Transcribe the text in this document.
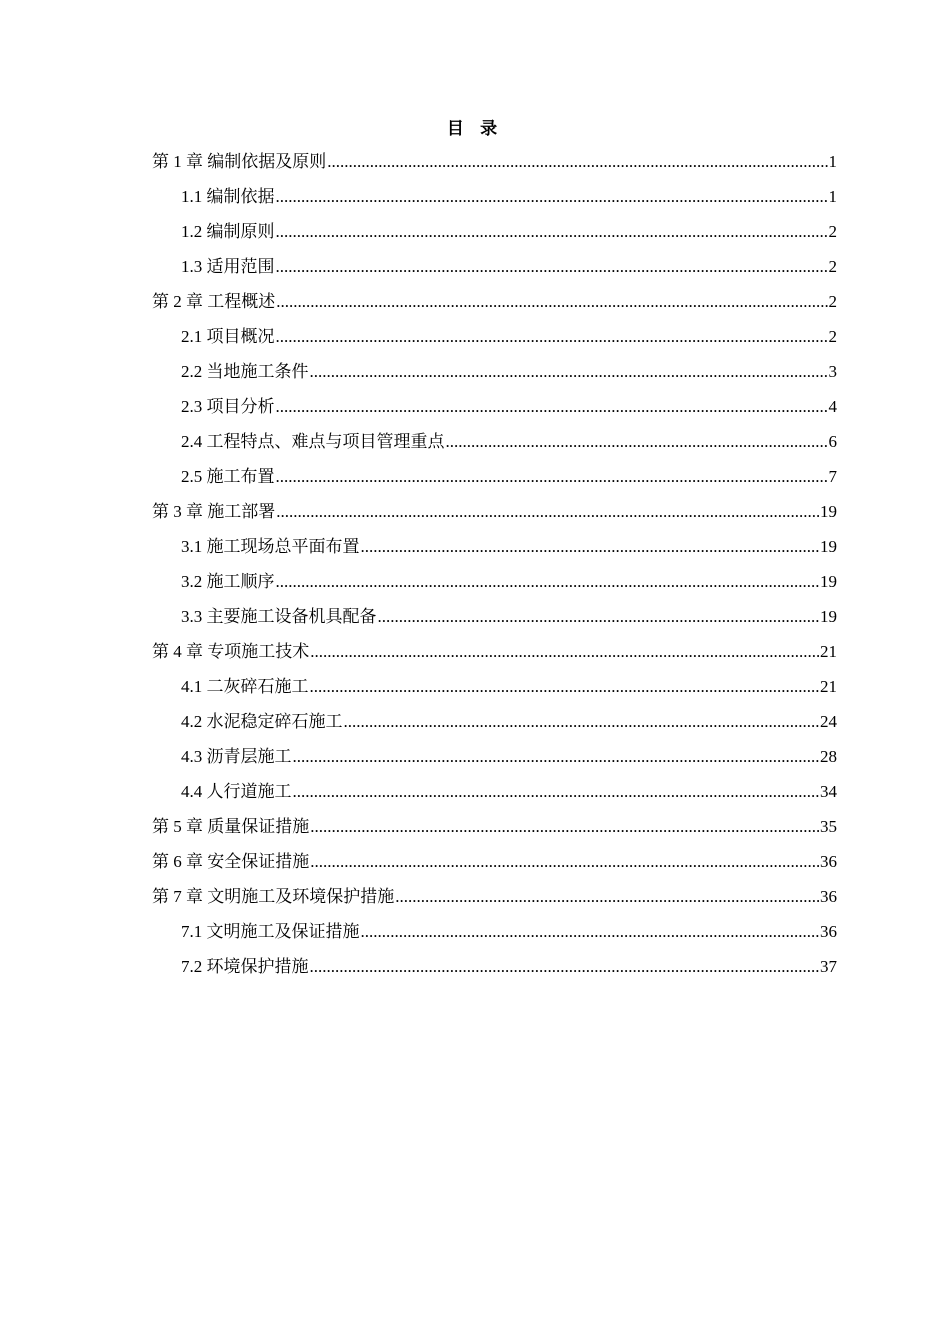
目 录
第 1 章 编制依据及原则 .....	1
1.1 编制依据 .....	1
1.2 编制原则 .....	2
1.3 适用范围 .....	2
第 2 章 工程概述 .....	2
2.1 项目概况 .....	2
2.2 当地施工条件 .....	3
2.3 项目分析 .....	4
2.4 工程特点、难点与项目管理重点 .....	6
2.5 施工布置 .....	7
第 3 章 施工部署 .....	19
3.1 施工现场总平面布置 .....	19
3.2 施工顺序 .....	19
3.3 主要施工设备机具配备 .....	19
第 4 章 专项施工技术 .....	21
4.1 二灰碎石施工 .....	21
4.2 水泥稳定碎石施工 .....	24
4.3 沥青层施工 .....	28
4.4 人行道施工 .....	34
第 5 章 质量保证措施 .....	35
第 6 章 安全保证措施 .....	36
第 7 章 文明施工及环境保护措施 .....	36
7.1 文明施工及保证措施 .....	36
7.2 环境保护措施 .....	37
